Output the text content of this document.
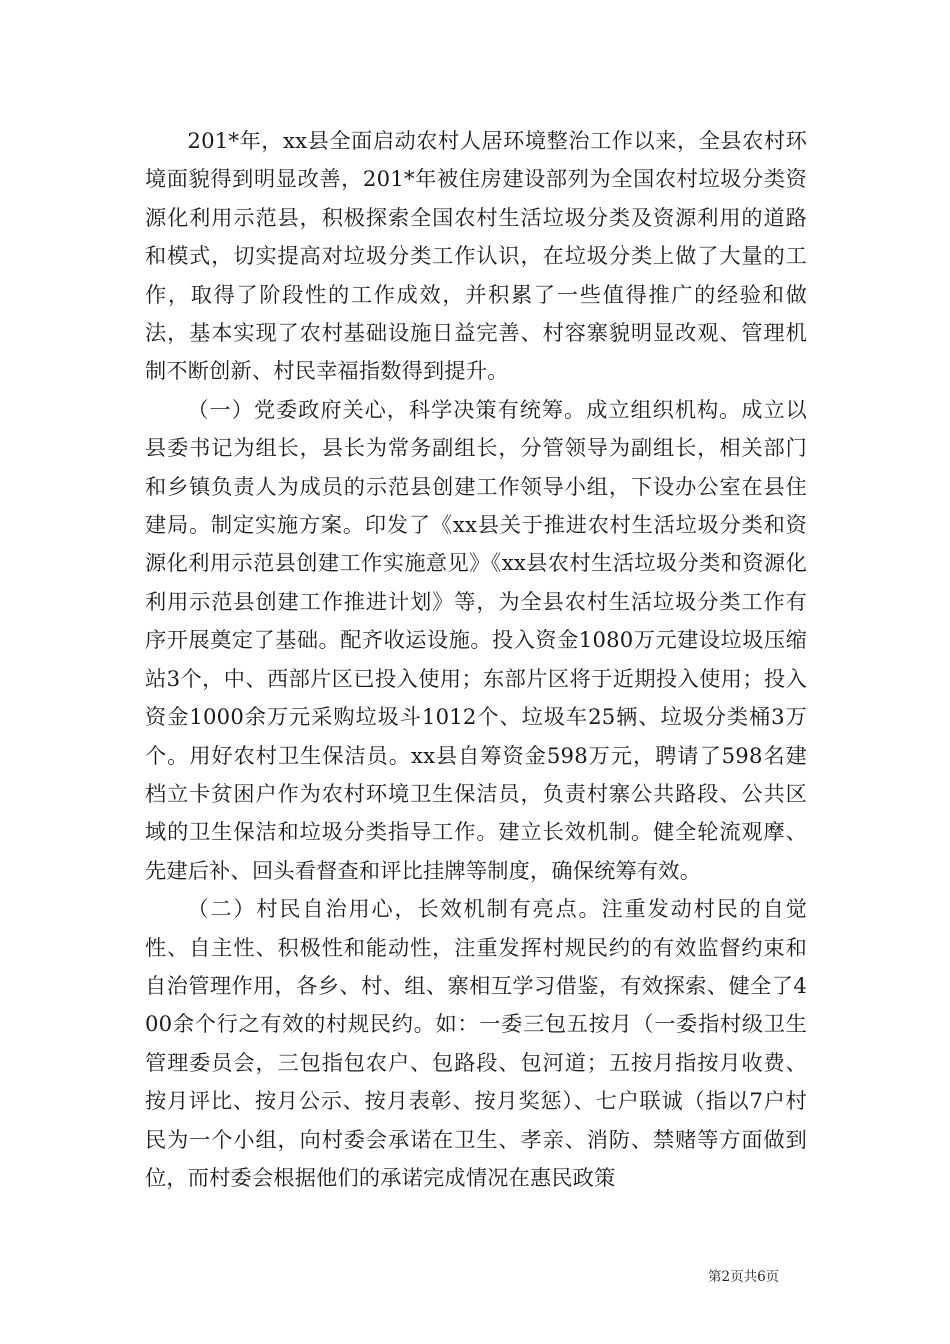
201*年，xx县全面启动农村人居环境整治工作以来，全县农村环境面貌得到明显改善，201*年被住房建设部列为全国农村垃圾分类资源化利用示范县，积极探索全国农村生活垃圾分类及资源利用的道路和模式，切实提高对垃圾分类工作认识，在垃圾分类上做了大量的工作，取得了阶段性的工作成效，并积累了一些值得推广的经验和做法，基本实现了农村基础设施日益完善、村容寨貌明显改观、管理机制不断创新、村民幸福指数得到提升。

（一）党委政府关心，科学决策有统筹。成立组织机构。成立以县委书记为组长，县长为常务副组长，分管领导为副组长，相关部门和乡镇负责人为成员的示范县创建工作领导小组，下设办公室在县住建局。制定实施方案。印发了《xx县关于推进农村生活垃圾分类和资源化利用示范县创建工作实施意见》《xx县农村生活垃圾分类和资源化利用示范县创建工作推进计划》等，为全县农村生活垃圾分类工作有序开展奠定了基础。配齐收运设施。投入资金1080万元建设垃圾压缩站3个，中、西部片区已投入使用；东部片区将于近期投入使用；投入资金1000余万元采购垃圾斗1012个、垃圾车25辆、垃圾分类桶3万个。用好农村卫生保洁员。xx县自筹资金598万元，聘请了598名建档立卡贫困户作为农村环境卫生保洁员，负责村寨公共路段、公共区域的卫生保洁和垃圾分类指导工作。建立长效机制。健全轮流观摩、先建后补、回头看督查和评比挂牌等制度，确保统筹有效。

（二）村民自治用心，长效机制有亮点。注重发动村民的自觉性、自主性、积极性和能动性，注重发挥村规民约的有效监督约束和自治管理作用，各乡、村、组、寨相互学习借鉴，有效探索、健全了400余个行之有效的村规民约。如：一委三包五按月（一委指村级卫生管理委员会，三包指包农户、包路段、包河道；五按月指按月收费、按月评比、按月公示、按月表彰、按月奖惩）、七户联诚（指以7户村民为一个小组，向村委会承诺在卫生、孝亲、消防、禁赌等方面做到位，而村委会根据他们的承诺完成情况在惠民政策

第2页共6页
